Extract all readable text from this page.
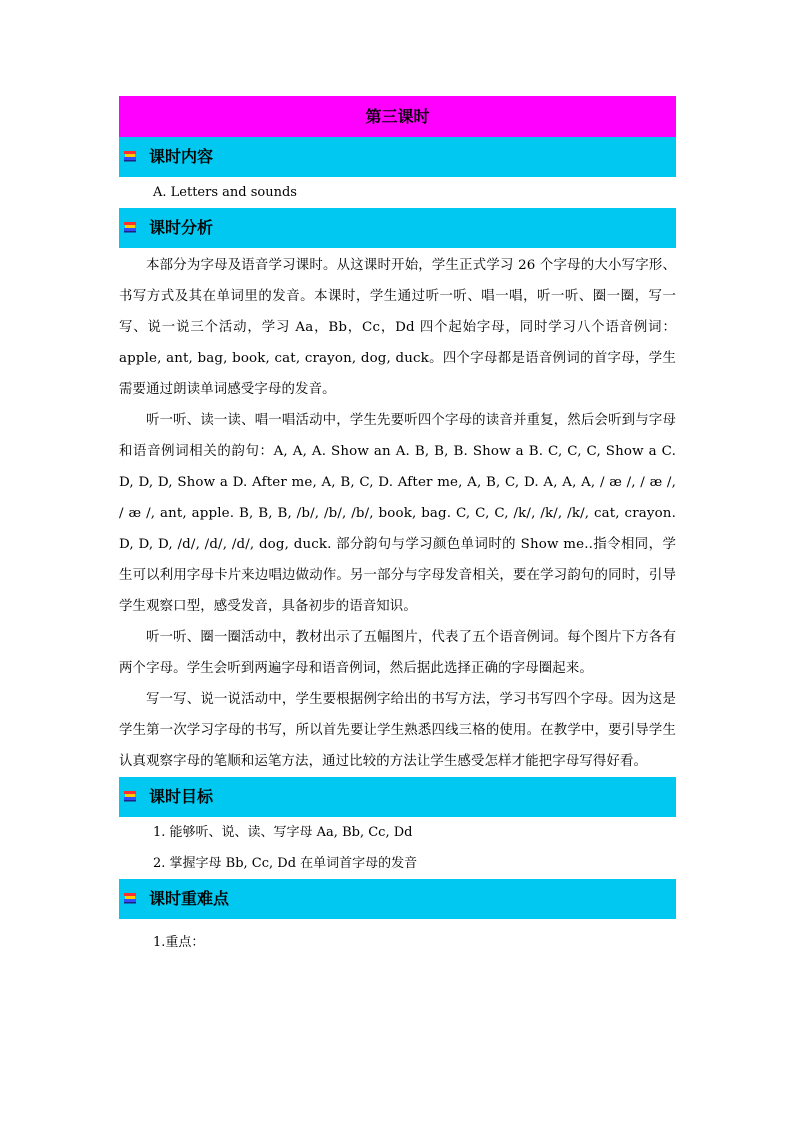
第三课时
课时内容
A. Letters and sounds
课时分析

本部分为字母及语音学习课时。从这课时开始，学生正式学习 26 个字母的大小写字形、书写方式及其在单词里的发音。本课时，学生通过听一听、唱一唱，听一听、圈一圈，写一写、说一说三个活动，学习 Aa，Bb，Cc，Dd 四个起始字母，同时学习八个语音例词：apple, ant, bag, book, cat, crayon, dog, duck。四个字母都是语音例词的首字母，学生需要通过朗读单词感受字母的发音。

听一听、读一读、唱一唱活动中，学生先要听四个字母的读音并重复，然后会听到与字母和语音例词相关的韵句：A, A, A. Show an A. B, B, B. Show a B. C, C, C, Show a C. D, D, D, Show a D. After me, A, B, C, D. After me, A, B, C, D. A, A, A, / æ /, / æ /, / æ /, ant, apple. B, B, B, /b/, /b/, /b/, book, bag. C, C, C, /k/, /k/, /k/, cat, crayon. D, D, D, /d/, /d/, /d/, dog, duck. 部分韵句与学习颜色单词时的 Show me..指令相同，学生可以利用字母卡片来边唱边做动作。另一部分与字母发音相关，要在学习韵句的同时，引导学生观察口型，感受发音，具备初步的语音知识。

听一听、圈一圈活动中，教材出示了五幅图片，代表了五个语音例词。每个图片下方各有两个字母。学生会听到两遍字母和语音例词，然后据此选择正确的字母圈起来。

写一写、说一说活动中，学生要根据例字给出的书写方法，学习书写四个字母。因为这是学生第一次学习字母的书写，所以首先要让学生熟悉四线三格的使用。在教学中，要引导学生认真观察字母的笔顺和运笔方法，通过比较的方法让学生感受怎样才能把字母写得好看。

课时目标
1. 能够听、说、读、写字母 Aa, Bb, Cc, Dd
2. 掌握字母 Bb, Cc, Dd 在单词首字母的发音
课时重难点
1.重点：
